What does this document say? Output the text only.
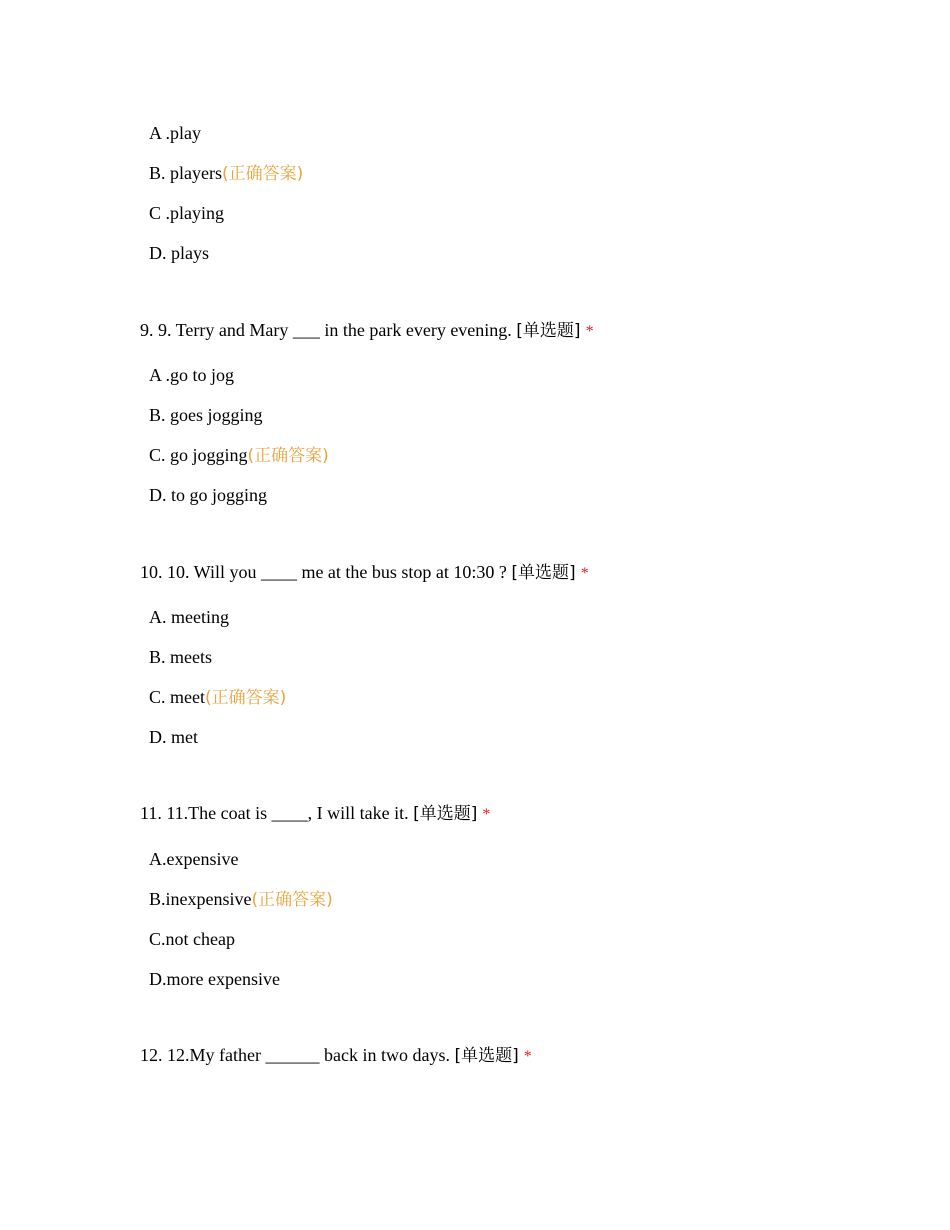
A .play
B. players(正确答案)
C .playing
D. plays
9. 9. Terry and Mary ___ in the park every evening. [单选题] *
A .go to jog
B. goes jogging
C. go jogging(正确答案)
D. to go jogging
10. 10. Will you ____ me at the bus stop at 10:30 ? [单选题] *
A. meeting
B. meets
C. meet(正确答案)
D. met
11. 11.The coat is ____, I will take it. [单选题] *
A.expensive
B.inexpensive(正确答案)
C.not cheap
D.more expensive
12. 12.My father ______ back in two days. [单选题] *
